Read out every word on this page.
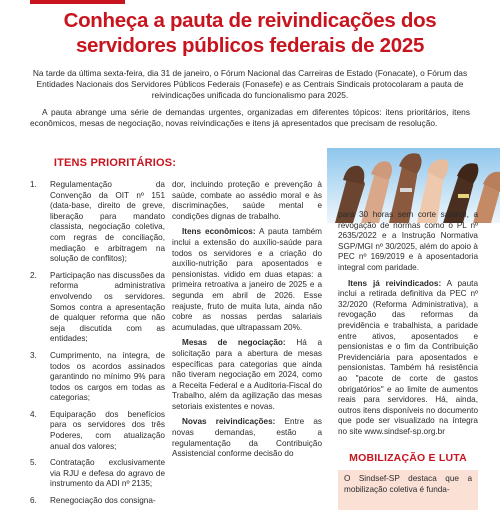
Conheça a pauta de reivindicações dos
servidores públicos federais de 2025

Na tarde da última sexta-feira, dia 31 de janeiro, o Fórum Nacional das Carreiras de Estado (Fonacate), o Fórum das Entidades Nacionais dos Servidores Públicos Federais (Fonasefe) e as Centrais Sindicais protocolaram a pauta de reivindicações unificada do funcionalismo para 2025.

A pauta abrange uma série de demandas urgentes, organizadas em diferentes tópicos: itens prioritários, itens econômicos, mesas de negociação, novas reivindicações e itens já apresentados que precisam de resolução.

ITENS PRIORITÁRIOS:
1. Regulamentação da Convenção da OIT nº 151 (data-base, direito de greve, liberação para mandato classista, negociação coletiva, com regras de conciliação, mediação e arbitragem na solução de conflitos);
2. Participação nas discussões da reforma administrativa envolvendo os servidores. Somos contra a apresentação de qualquer reforma que não seja discutida com as entidades;
3. Cumprimento, na íntegra, de todos os acordos assinados garantindo no mínimo 9% para todos os cargos em todas as categorias;
4. Equiparação dos benefícios para os servidores dos três Poderes, com atualização anual dos valores;
5. Contratação exclusivamente via RJU e defesa do agravo de instrumento da ADI nº 2135;
6. Renegociação dos consigna-

dor, incluindo proteção e prevenção à saúde, combate ao assédio moral e às discriminações, saúde mental e condições dignas de trabalho.

Itens econômicos: A pauta também inclui a extensão do auxílio-saúde para todos os servidores e a criação do auxílio-nutrição para aposentados e pensionistas. vidido em duas etapas: a primeira retroativa a janeiro de 2025 e a segunda em abril de 2026. Esse reajuste, fruto de muita luta, ainda não cobre as nossas perdas salariais acumuladas, que ultrapassam 20%.

Mesas de negociação: Há a solicitação para a abertura de mesas específicas para categorias que ainda não tiveram negociação em 2024, como a Receita Federal e a Auditoria-Fiscal do Trabalho, além da agilização das mesas setoriais existentes e novas.

Novas reivindicações: Entre as novas demandas, estão a regulamentação da Contribuição Assistencial conforme decisão do

para 30 horas sem corte salarial, a revogação de normas como o PL nº 2635/2022 e a Instrução Normativa SGP/MGI nº 30/2025, além do apoio à PEC nº 169/2019 e à aposentadoria integral com paridade.

Itens já reivindicados: A pauta inclui a retirada definitiva da PEC nº 32/2020 (Reforma Administrativa), a revogação das reformas da previdência e trabalhista, a paridade entre ativos, aposentados e pensionistas e o fim da Contribuição Previdenciária para aposentados e pensionistas. Também há resistência ao "pacote de corte de gastos obrigatórios" e ao limite de aumentos reais para servidores. Há, ainda, outros itens disponíveis no documento que pode ser visualizado na íntegra no site www.sindsef-sp.org.br

MOBILIZAÇÃO E LUTA
O Sindsef-SP destaca que a mobilização coletiva é funda-
